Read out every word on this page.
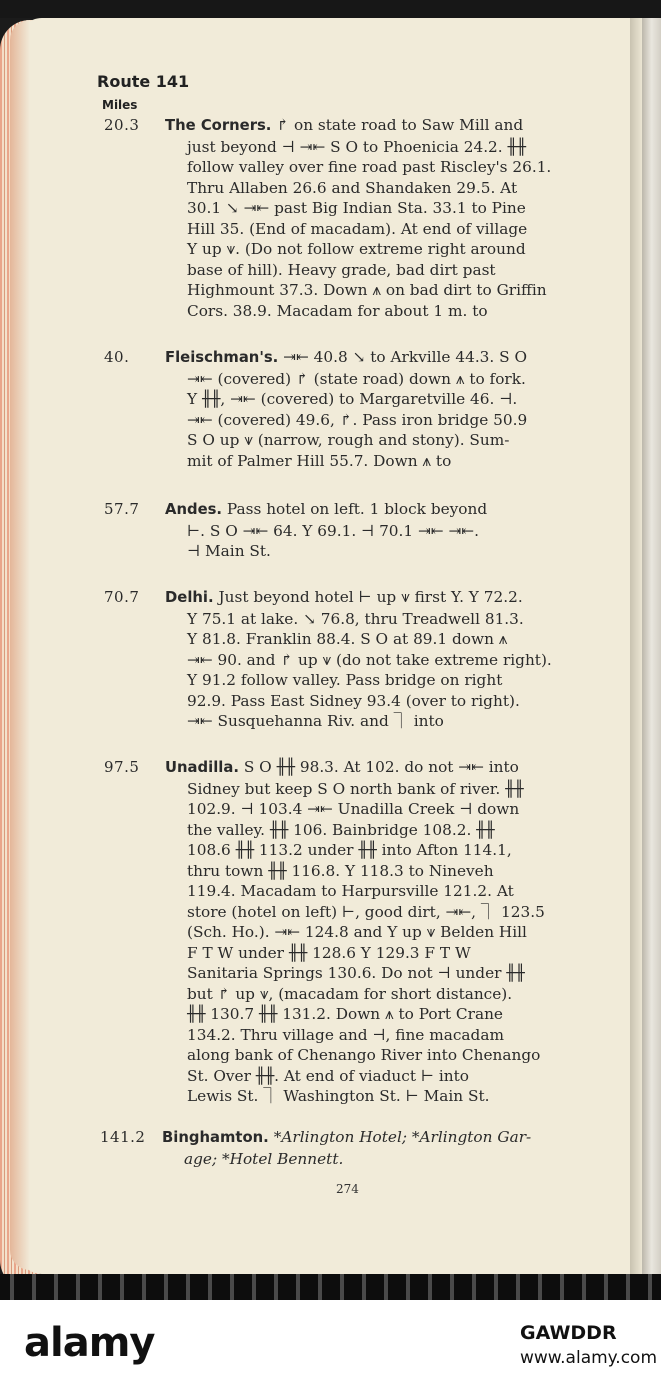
Route 141
Miles
20.3 The Corners. ↱ on state road to Saw Mill and
just beyond ⊣ ⇥⇤ S O to Phoenicia 24.2. ╫╫
follow valley over fine road past Riscley's 26.1.
Thru Allaben 26.6 and Shandaken 29.5. At
30.1 ↘ ⇥⇤ past Big Indian Sta. 33.1 to Pine
Hill 35. (End of macadam). At end of village
Y up ⩛. (Do not follow extreme right around
base of hill). Heavy grade, bad dirt past
Highmount 37.3. Down ⩚ on bad dirt to Griffin
Cors. 38.9. Macadam for about 1 m. to
40. Fleischman's. ⇥⇤ 40.8 ↘ to Arkville 44.3. S O
⇥⇤ (covered) ↱ (state road) down ⩚ to fork.
Y ╫╫, ⇥⇤ (covered) to Margaretville 46. ⊣.
⇥⇤ (covered) 49.6, ↱. Pass iron bridge 50.9
S O up ⩛ (narrow, rough and stony). Sum-
mit of Palmer Hill 55.7. Down ⩚ to
57.7 Andes. Pass hotel on left. 1 block beyond
⊢. S O ⇥⇤ 64. Y 69.1. ⊣ 70.1 ⇥⇤ ⇥⇤.
⊣ Main St.
70.7 Delhi. Just beyond hotel ⊢ up ⩛ first Y. Y 72.2.
Y 75.1 at lake. ↘ 76.8, thru Treadwell 81.3.
Y 81.8. Franklin 88.4. S O at 89.1 down ⩚
⇥⇤ 90. and ↱ up ⩛ (do not take extreme right).
Y 91.2 follow valley. Pass bridge on right
92.9. Pass East Sidney 93.4 (over to right).
⇥⇤ Susquehanna Riv. and ⏋ into
97.5 Unadilla. S O ╫╫ 98.3. At 102. do not ⇥⇤ into
Sidney but keep S O north bank of river. ╫╫
102.9. ⊣ 103.4 ⇥⇤ Unadilla Creek ⊣ down
the valley. ╫╫ 106. Bainbridge 108.2. ╫╫
108.6 ╫╫ 113.2 under ╫╫ into Afton 114.1,
thru town ╫╫ 116.8. Y 118.3 to Nineveh
119.4. Macadam to Harpursville 121.2. At
store (hotel on left) ⊢, good dirt, ⇥⇤, ⏋ 123.5
(Sch. Ho.). ⇥⇤ 124.8 and Y up ⩛ Belden Hill
F T W under ╫╫ 128.6 Y 129.3 F T W
Sanitaria Springs 130.6. Do not ⊣ under ╫╫
but ↱ up ⩛, (macadam for short distance).
╫╫ 130.7 ╫╫ 131.2. Down ⩚ to Port Crane
134.2. Thru village and ⊣, fine macadam
along bank of Chenango River into Chenango
St. Over ╫╫. At end of viaduct ⊢ into
Lewis St. ⏋ Washington St. ⊢ Main St.
141.2 Binghamton. *Arlington Hotel; *Arlington Gar-
age; *Hotel Bennett.
274
alamy	GAWDDR
www.alamy.com
